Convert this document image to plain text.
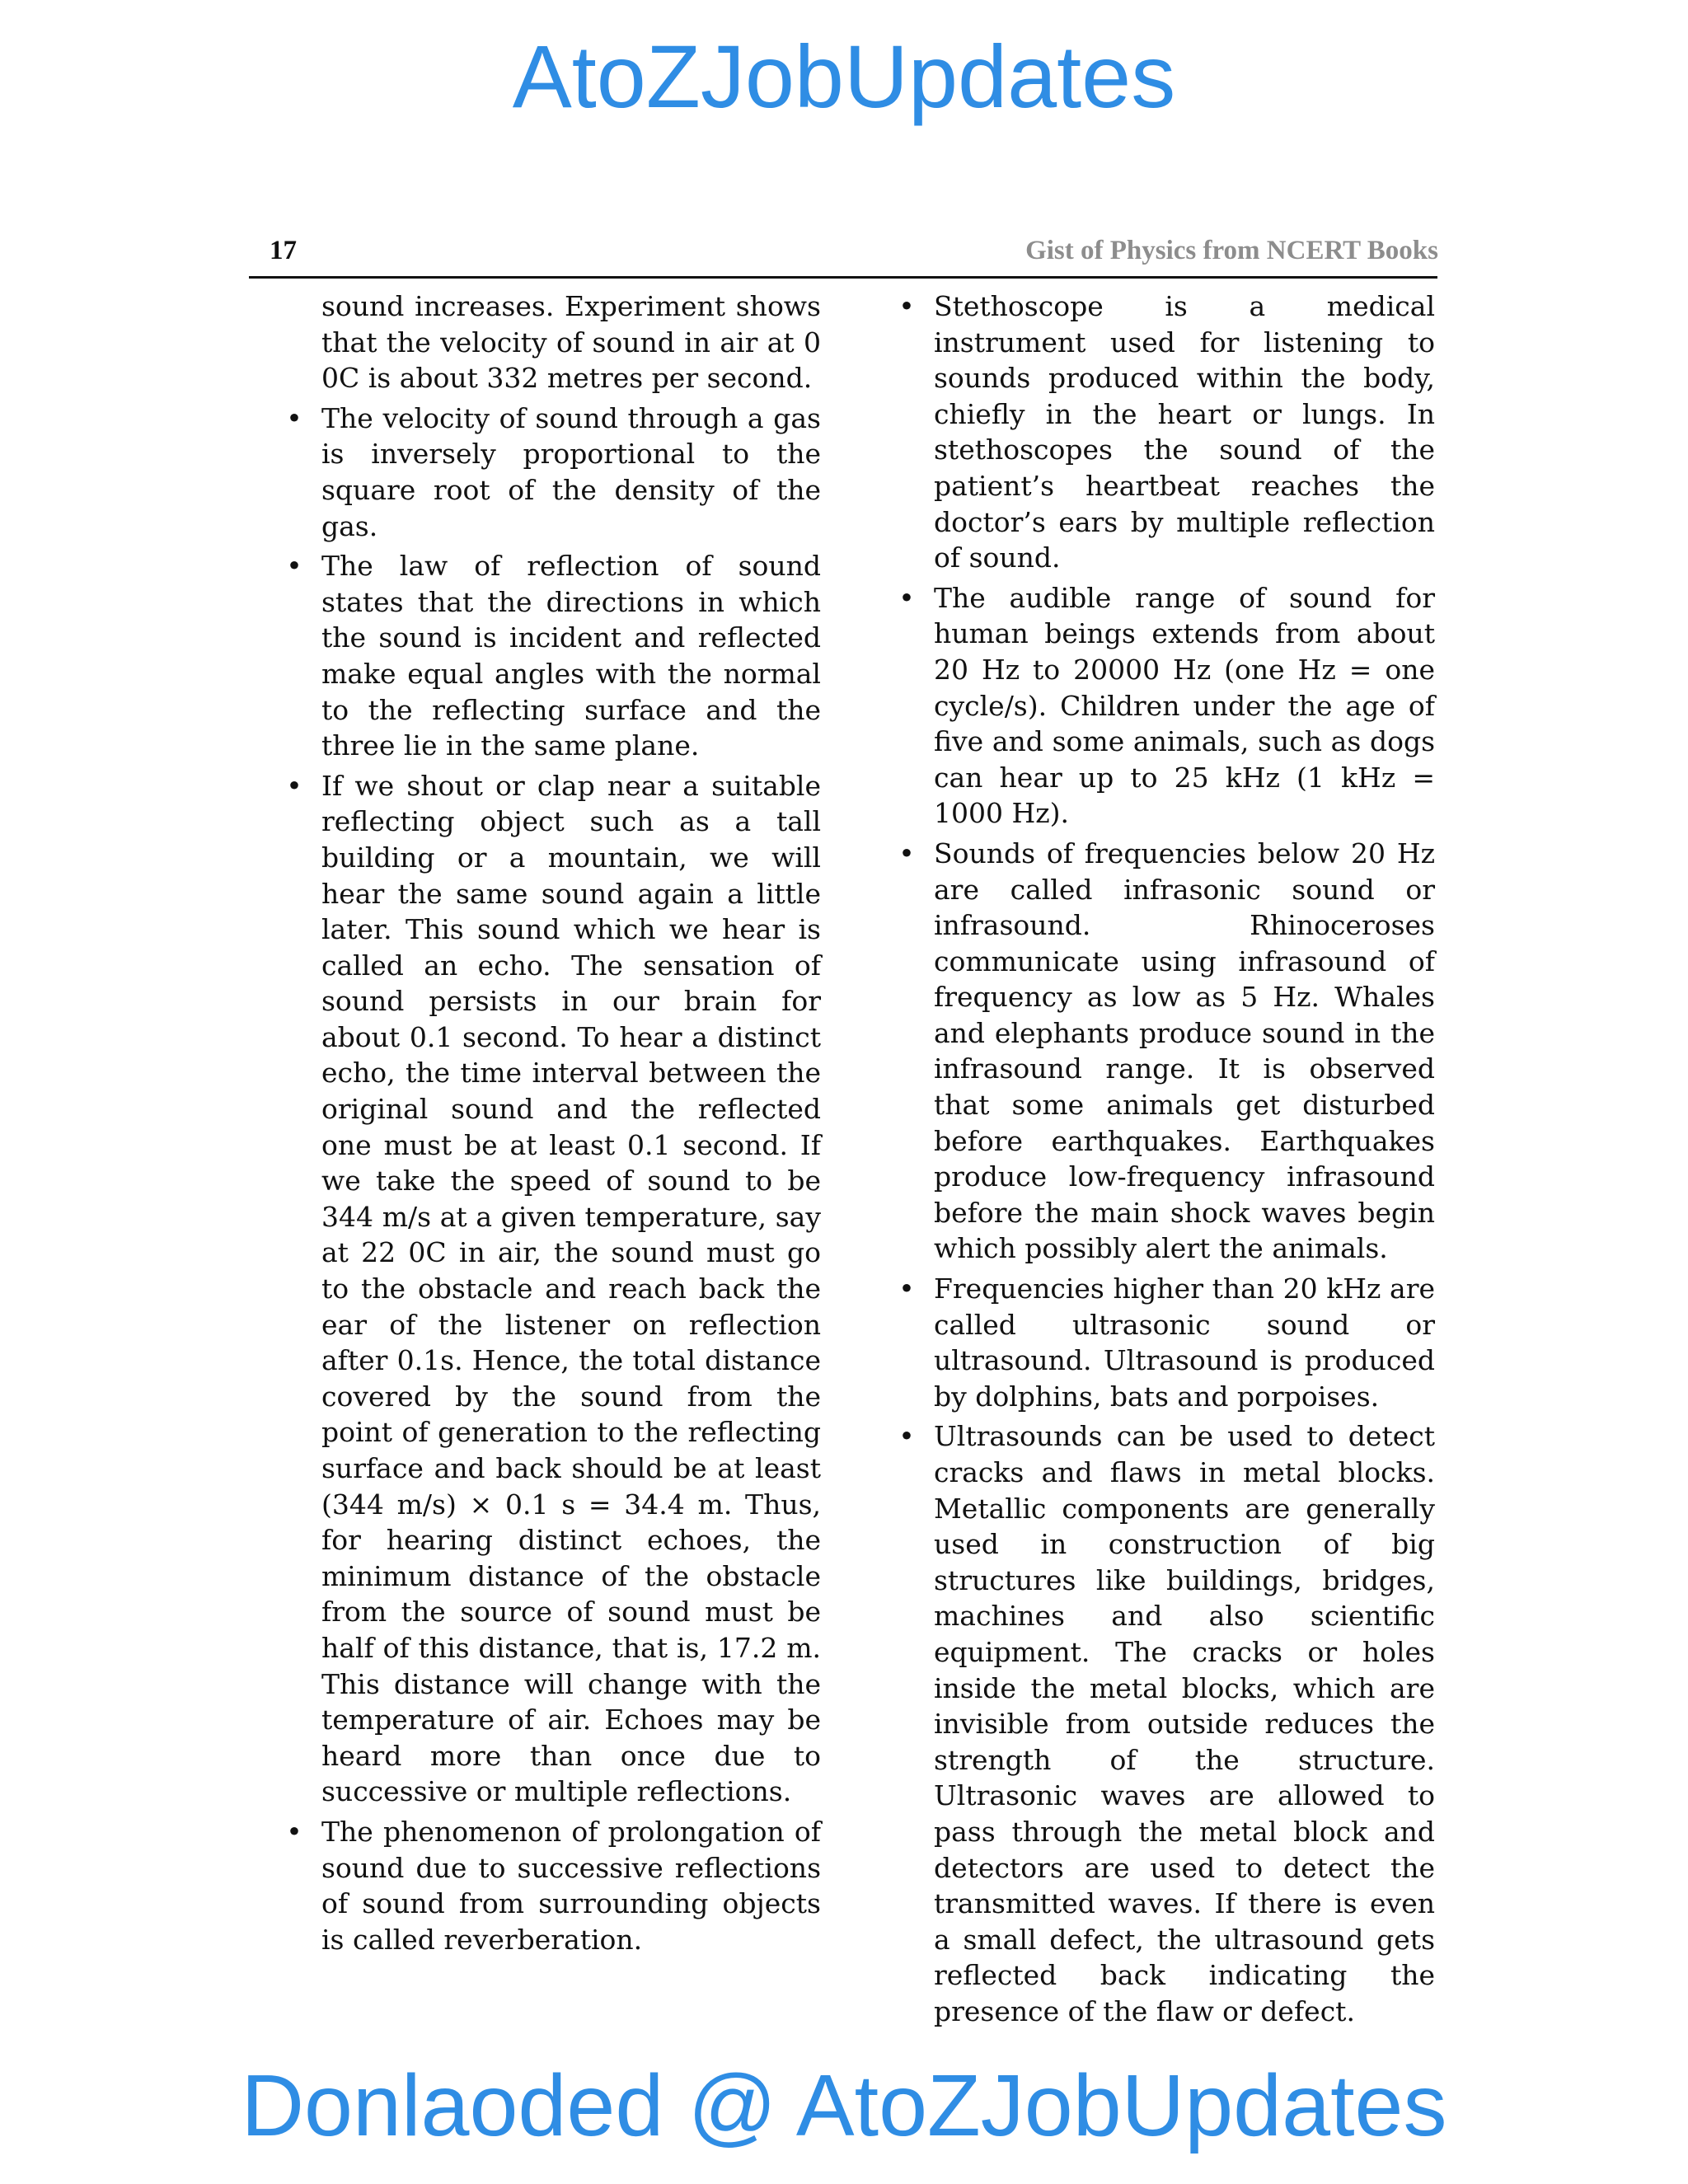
AtoZJobUpdates
17	Gist of Physics from NCERT Books

sound increases. Experiment shows that the velocity of sound in air at 0 0C is about 332 metres per second.

• The velocity of sound through a gas is inversely proportional to the square root of the density of the gas.
• The law of reflection of sound states that the directions in which the sound is incident and reflected make equal angles with the normal to the reflecting surface and the three lie in the same plane.
• If we shout or clap near a suitable reflecting object such as a tall building or a mountain, we will hear the same sound again a little later. This sound which we hear is called an echo. The sensation of sound persists in our brain for about 0.1 second. To hear a distinct echo, the time interval between the original sound and the reflected one must be at least 0.1 second. If we take the speed of sound to be 344 m/s at a given temperature, say at 22 0C in air, the sound must go to the obstacle and reach back the ear of the listener on reflection after 0.1s. Hence, the total distance covered by the sound from the point of generation to the reflecting surface and back should be at least (344 m/s) × 0.1 s = 34.4 m. Thus, for hearing distinct echoes, the minimum distance of the obstacle from the source of sound must be half of this distance, that is, 17.2 m. This distance will change with the temperature of air. Echoes may be heard more than once due to successive or multiple reflections.
• The phenomenon of prolongation of sound due to successive reflections of sound from surrounding objects is called reverberation.
• Stethoscope is a medical instrument used for listening to sounds produced within the body, chiefly in the heart or lungs. In stethoscopes the sound of the patient’s heartbeat reaches the doctor’s ears by multiple reflection of sound.
• The audible range of sound for human beings extends from about 20 Hz to 20000 Hz (one Hz = one cycle/s). Children under the age of five and some animals, such as dogs can hear up to 25 kHz (1 kHz = 1000 Hz).
• Sounds of frequencies below 20 Hz are called infrasonic sound or infrasound. Rhinoceroses communicate using infrasound of frequency as low as 5 Hz. Whales and elephants produce sound in the infrasound range. It is observed that some animals get disturbed before earthquakes. Earthquakes produce low-frequency infrasound before the main shock waves begin which possibly alert the animals.
• Frequencies higher than 20 kHz are called ultrasonic sound or ultrasound. Ultrasound is produced by dolphins, bats and porpoises.
• Ultrasounds can be used to detect cracks and flaws in metal blocks. Metallic components are generally used in construction of big structures like buildings, bridges, machines and also scientific equipment. The cracks or holes inside the metal blocks, which are invisible from outside reduces the strength of the structure. Ultrasonic waves are allowed to pass through the metal block and detectors are used to detect the transmitted waves. If there is even a small defect, the ultrasound gets reflected back indicating the presence of the flaw or defect.
Donlaoded @ AtoZJobUpdates
